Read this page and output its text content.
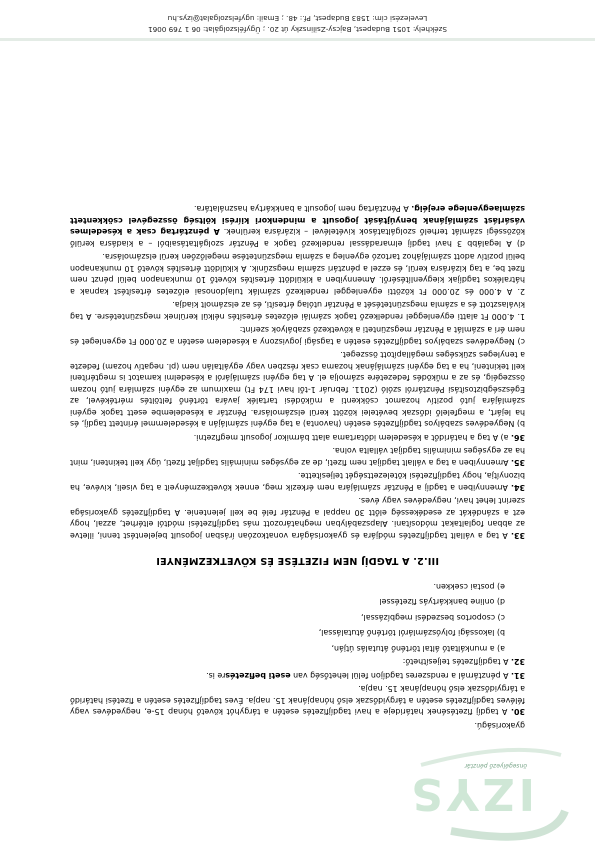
IZYS
önsegélyező pénztár

gyakoriságú.

30. A tagdíj fizetésének határideje a havi tagdíjfizetés esetén a tárgyhót követő hónap 15-e, negyedéves vagy féléves tagdíjfizetés esetén a tárgyidőszak első hónapjának 15. napja. Éves tagdíjfizetés esetén a fizetési határidő a tárgyidőszak első hónapjának 15. napja.

31. A pénztárnál a rendszeres tagdíjon felül lehetőség van eseti befizetésre is.

32. A tagdíjfizetés teljesíthető:

a) a munkáltató által történő átutalás útján,
b) lakossági folyószámláról történő átutalással,
c) csoportos beszedési megbízással,
d) online bankkártyás fizetéssel
e) postai csekken.
III.2. A TAGDÍJ NEM FIZETÉSE ÉS KÖVETKEZMÉNYEI

33. A tag a vállalt tagdíjfizetés módjára és gyakoriságára vonatkozóan írásban jogosult bejelentést tenni, illetve az abban foglaltakat módosítani. Alapszabályban meghatározott más tagdíjfizetési módtól eltérhet, azzal, hogy ezt a szándékát az esedékesség előtt 30 nappal a Pénztár felé be kell jelentenie. A tagdíjfizetés gyakorisága szerint lehet havi, negyedéves vagy éves.

34. Amennyiben a tagdíj a Pénztár számlájára nem érkezik meg, ennek következményeit a tag viseli, kivéve, ha bizonyítja, hogy tagdíjfizetési kötelezettségét teljesítette.

35. Amennyiben a tag a vállalt tagdíjat nem fizeti, de az egységes minimális tagdíjat fizeti, úgy kell tekinteni, mint ha az egységes minimális tagdíjat vállalta volna.

36. a) A tag a határidőt a késedelem időtartama alatt bármikor jogosult megfizetni.

b) Negyedéves szabályos tagdíjfizetés esetén (havonta) a tag egyéni számláján a késedelemmel érintett tagdíj, és ha lejárt, a megfelelő időszak bevételei között kerül elszámolásra. Pénztár a késedelembe esett tagok egyéni számlájára jutó pozitív hozamot csökkenti a működési tartalék javára történő feltöltés mértékével, az Egészségbiztosítási Pénztárról szóló (2011. február 1-től havi 174 Ft) maximum az egyéni számlára jutó hozam összegéig, és az a működés fedezetére számolja el. A tag egyéni számlájáról a késedelmi kamatot is megtéríteni kell tekinteni, ha a tag egyéni számlájának hozama csak részben vagy egyáltalán nem (pl. negatív hozam) fedezte a tenyleges szükséges megállapított összeget.

c) Negyedéves szabályos tagdíjfizetés esetén a tagsági jogviszony a késedelem esetén a 20.000 Ft egyenleget és nem éri a számlát a Pénztár megszünteti a következő szabályok szerint:

1. 4.000 Ft alatti egyenleggel rendelkező tagok számlái előzetes értesítés nélkül kerülnek megszüntetésre. A tag kiválasztott és a számla megszüntetését a Pénztár utólag értesíti, és az elszámolt kiadja.

2. A 4.000 és 20.000 Ft közötti egyenleggel rendelkező számlák tulajdonosai előzetes értesítést kapnak a hátralékos tagdíjak kiegyenlítéséről. Amennyiben a kiküldött értesítés követő 10 munkanapon belül pénzt nem fizet be, a tag kizárásra kerül, és ezzel a pénztári számla megszűnik. A kiküldött értesítés követő 10 munkanapon belül pozitív adott számlájához tartozó egyenleg a számla megszüntetése megelőzően kerül elszámolásra.

d) A legalább 3 havi tagdíj elmaradással rendelkező tagok a Pénztár szolgáltatásaiból – a kiadásra kerülő közösségi számlát terhelő szolgáltatások kivételével – kizárásra kerülnek. A pénztártag csak a késedelmes vásárlást számlájának benyújtását jogosult a mindenkori kiírési költség összegével csökkentett számlaegyenlege erejéig. A Pénztártag nem jogosult a bankkártya használatára.

Székhely: 1051 Budapest, Bajcsy-Zsilinszky út 20. ; Ügyfélszolgálat: 06 1 769 0061
Levelezési cím: 1583 Budapest, Pf.: 48. ; Email: ugyfelszolgalat@izys.hu
